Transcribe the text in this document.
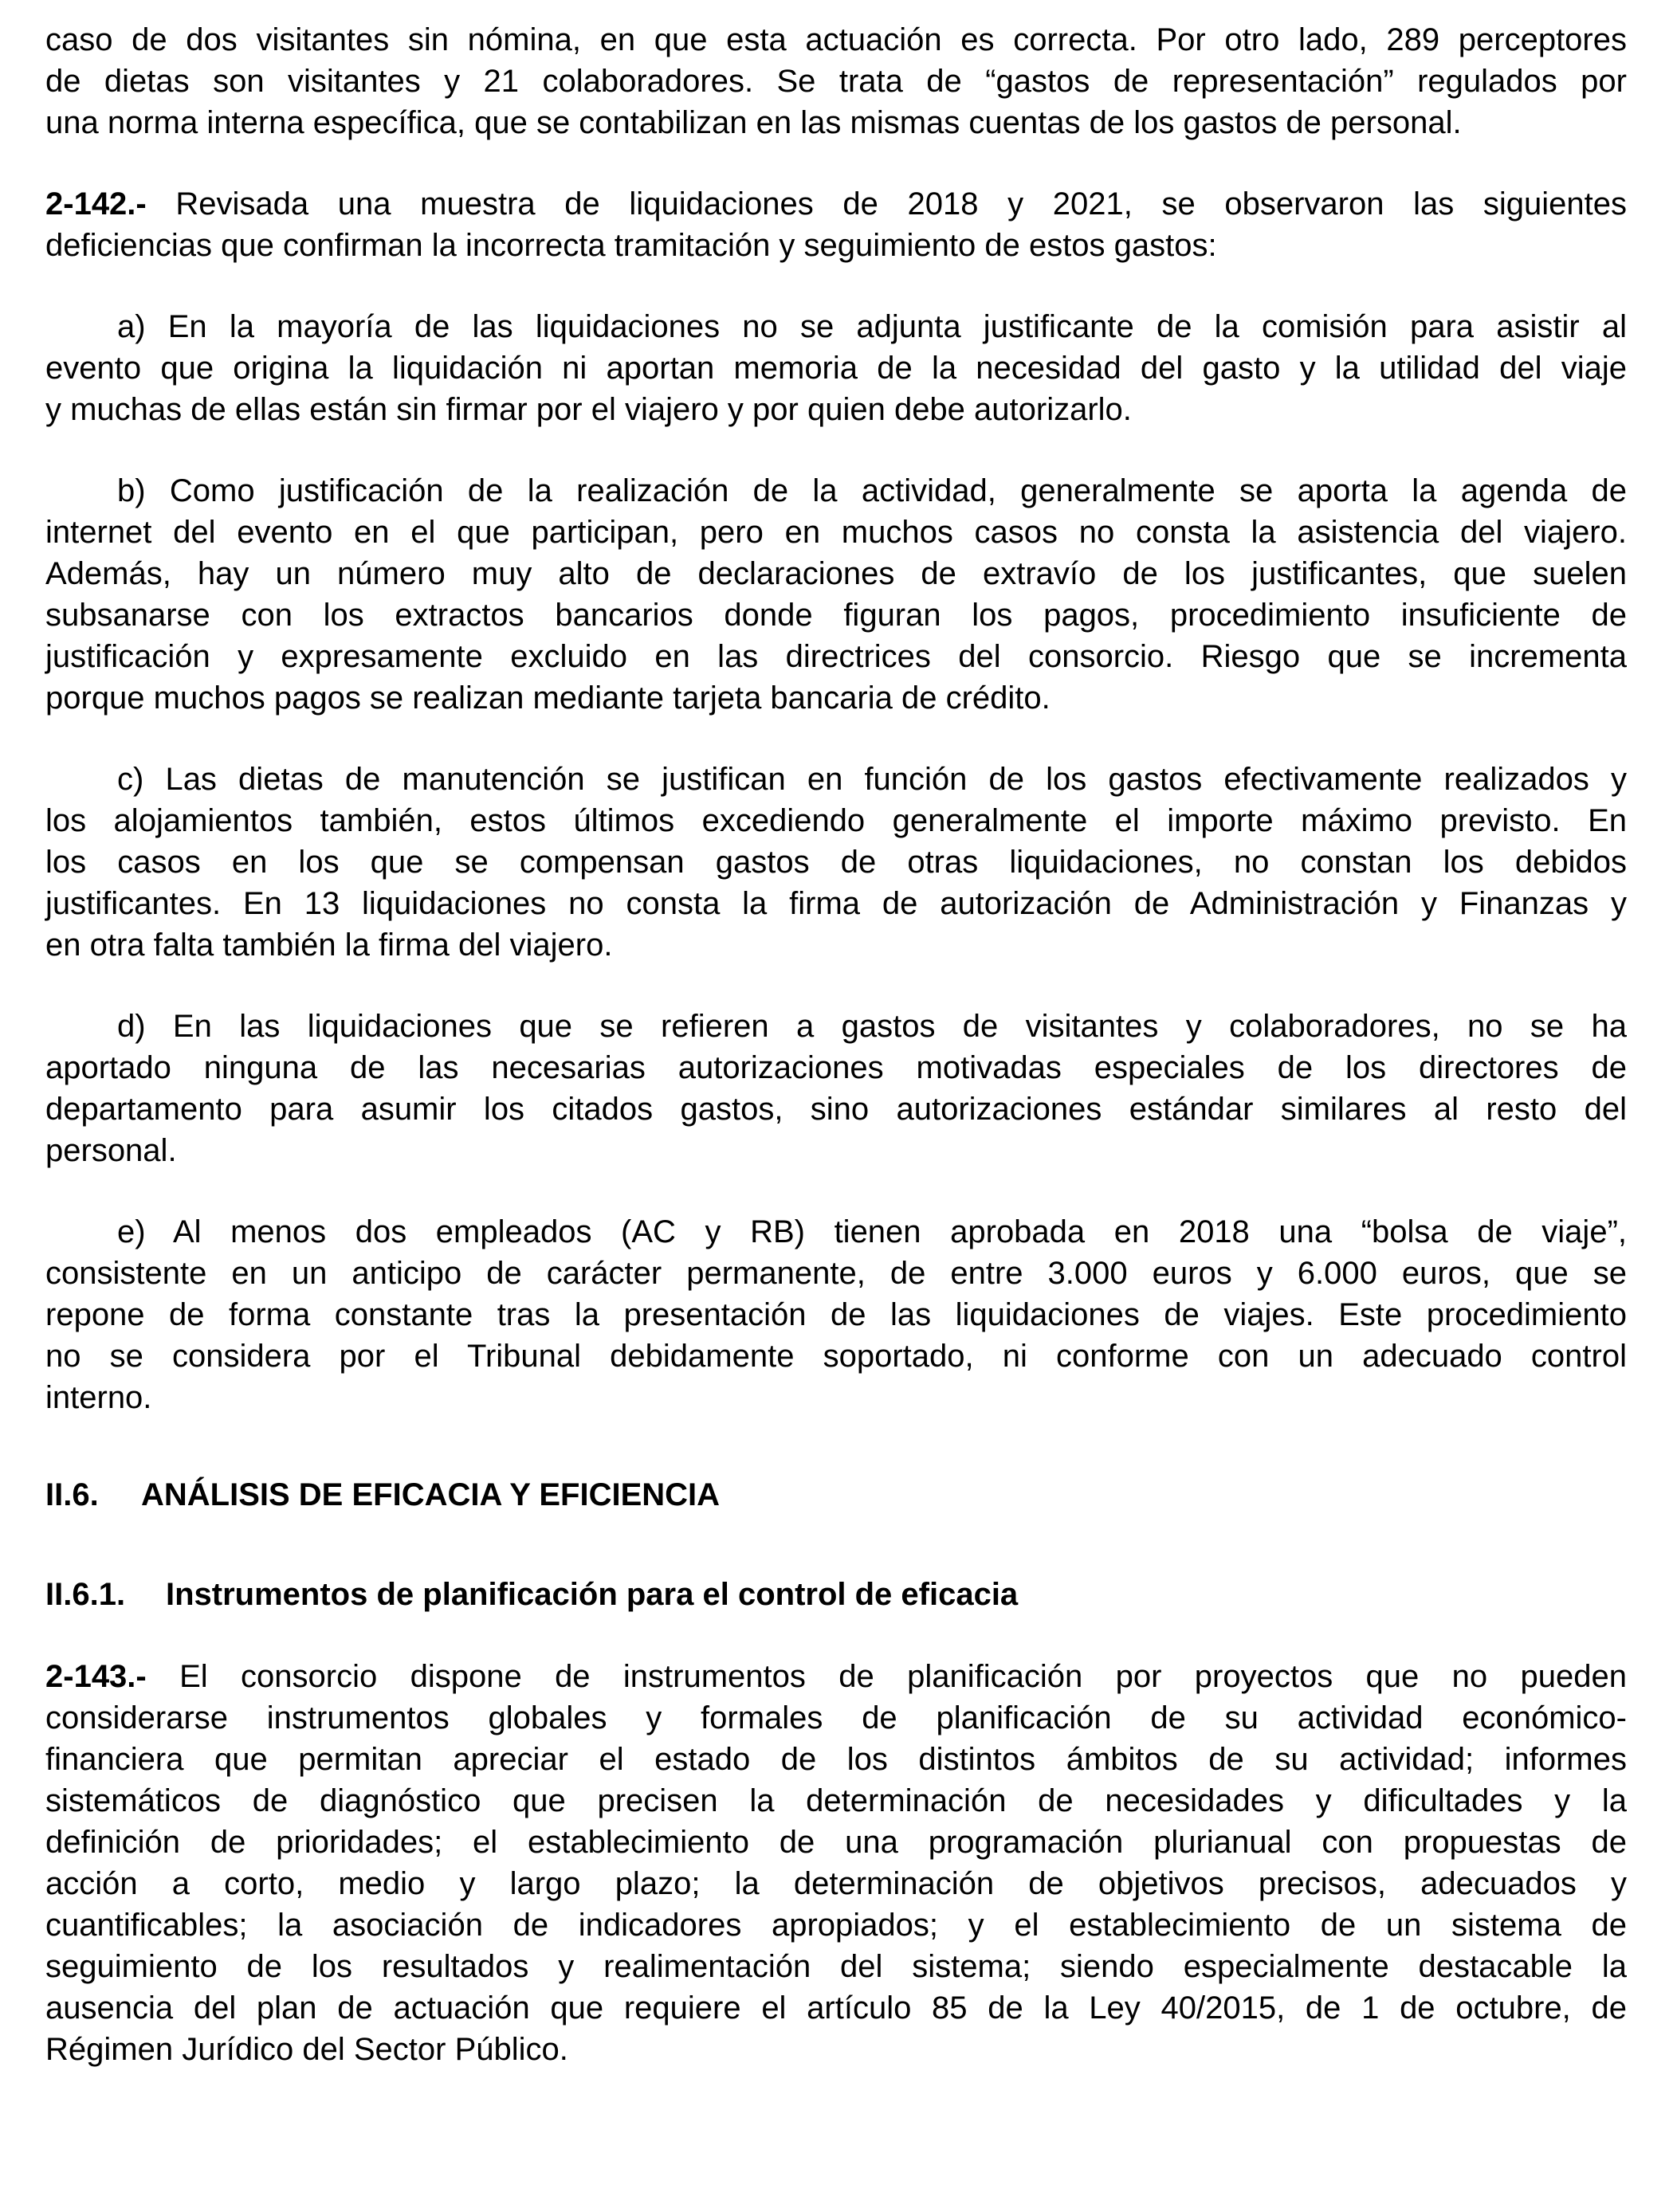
caso de dos visitantes sin nómina, en que esta actuación es correcta. Por otro lado, 289 perceptores
de dietas son visitantes y 21 colaboradores. Se trata de “gastos de representación” regulados por
una norma interna específica, que se contabilizan en las mismas cuentas de los gastos de personal.
2-142.- Revisada una muestra de liquidaciones de 2018 y 2021, se observaron las siguientes
deficiencias que confirman la incorrecta tramitación y seguimiento de estos gastos:
a) En la mayoría de las liquidaciones no se adjunta justificante de la comisión para asistir al
evento que origina la liquidación ni aportan memoria de la necesidad del gasto y la utilidad del viaje
y muchas de ellas están sin firmar por el viajero y por quien debe autorizarlo.
b) Como justificación de la realización de la actividad, generalmente se aporta la agenda de
internet del evento en el que participan, pero en muchos casos no consta la asistencia del viajero.
Además, hay un número muy alto de declaraciones de extravío de los justificantes, que suelen
subsanarse con los extractos bancarios donde figuran los pagos, procedimiento insuficiente de
justificación y expresamente excluido en las directrices del consorcio. Riesgo que se incrementa
porque muchos pagos se realizan mediante tarjeta bancaria de crédito.
c) Las dietas de manutención se justifican en función de los gastos efectivamente realizados y
los alojamientos también, estos últimos excediendo generalmente el importe máximo previsto. En
los casos en los que se compensan gastos de otras liquidaciones, no constan los debidos
justificantes. En 13 liquidaciones no consta la firma de autorización de Administración y Finanzas y
en otra falta también la firma del viajero.
d) En las liquidaciones que se refieren a gastos de visitantes y colaboradores, no se ha
aportado ninguna de las necesarias autorizaciones motivadas especiales de los directores de
departamento para asumir los citados gastos, sino autorizaciones estándar similares al resto del
personal.
e) Al menos dos empleados (AC y RB) tienen aprobada en 2018 una “bolsa de viaje”,
consistente en un anticipo de carácter permanente, de entre 3.000 euros y 6.000 euros, que se
repone de forma constante tras la presentación de las liquidaciones de viajes. Este procedimiento
no se considera por el Tribunal debidamente soportado, ni conforme con un adecuado control
interno.
II.6. ANÁLISIS DE EFICACIA Y EFICIENCIA
II.6.1. Instrumentos de planificación para el control de eficacia
2-143.- El consorcio dispone de instrumentos de planificación por proyectos que no pueden
considerarse instrumentos globales y formales de planificación de su actividad económico-
financiera que permitan apreciar el estado de los distintos ámbitos de su actividad; informes
sistemáticos de diagnóstico que precisen la determinación de necesidades y dificultades y la
definición de prioridades; el establecimiento de una programación plurianual con propuestas de
acción a corto, medio y largo plazo; la determinación de objetivos precisos, adecuados y
cuantificables; la asociación de indicadores apropiados; y el establecimiento de un sistema de
seguimiento de los resultados y realimentación del sistema; siendo especialmente destacable la
ausencia del plan de actuación que requiere el artículo 85 de la Ley 40/2015, de 1 de octubre, de
Régimen Jurídico del Sector Público.
